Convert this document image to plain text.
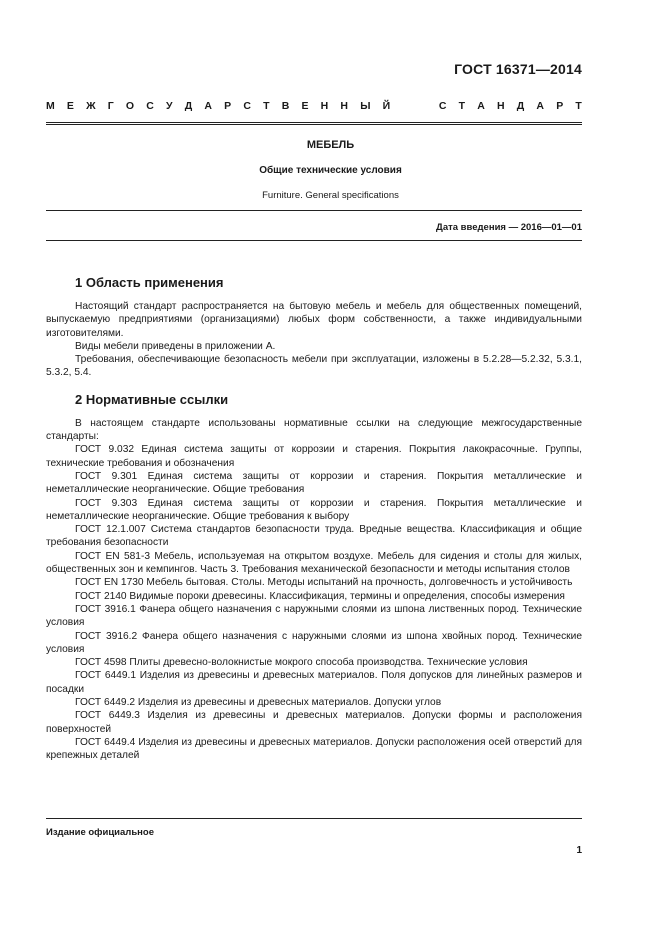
ГОСТ 16371—2014
М Е Ж Г О С У Д А Р С Т В Е Н Н Ы Й	С Т А Н Д А Р Т
МЕБЕЛЬ
Общие технические условия
Furniture. General specifications
Дата введения — 2016—01—01
1 Область применения

Настоящий стандарт распространяется на бытовую мебель и мебель для общественных помещений, выпускаемую предприятиями (организациями) любых форм собственности, а также индивидуальными изготовителями.

Виды мебели приведены в приложении А.

Требования, обеспечивающие безопасность мебели при эксплуатации, изложены в 5.2.28—5.2.32, 5.3.1, 5.3.2, 5.4.

2 Нормативные ссылки

В настоящем стандарте использованы нормативные ссылки на следующие межгосударственные стандарты:

ГОСТ 9.032 Единая система защиты от коррозии и старения. Покрытия лакокрасочные. Группы, технические требования и обозначения

ГОСТ 9.301 Единая система защиты от коррозии и старения. Покрытия металлические и неметаллические неорганические. Общие требования

ГОСТ 9.303 Единая система защиты от коррозии и старения. Покрытия металлические и неметаллические неорганические. Общие требования к выбору

ГОСТ 12.1.007 Система стандартов безопасности труда. Вредные вещества. Классификация и общие требования безопасности

ГОСТ EN 581-3 Мебель, используемая на открытом воздухе. Мебель для сидения и столы для жилых, общественных зон и кемпингов. Часть 3. Требования механической безопасности и методы испытания столов

ГОСТ EN 1730 Мебель бытовая. Столы. Методы испытаний на прочность, долговечность и устойчивость

ГОСТ 2140 Видимые пороки древесины. Классификация, термины и определения, способы измерения

ГОСТ 3916.1 Фанера общего назначения с наружными слоями из шпона лиственных пород. Технические условия

ГОСТ 3916.2 Фанера общего назначения с наружными слоями из шпона хвойных пород. Технические условия

ГОСТ 4598 Плиты древесно-волокнистые мокрого способа производства. Технические условия

ГОСТ 6449.1 Изделия из древесины и древесных материалов. Поля допусков для линейных размеров и посадки

ГОСТ 6449.2 Изделия из древесины и древесных материалов. Допуски углов

ГОСТ 6449.3 Изделия из древесины и древесных материалов. Допуски формы и расположения поверхностей

ГОСТ 6449.4 Изделия из древесины и древесных материалов. Допуски расположения осей отверстий для крепежных деталей

Издание официальное
1
